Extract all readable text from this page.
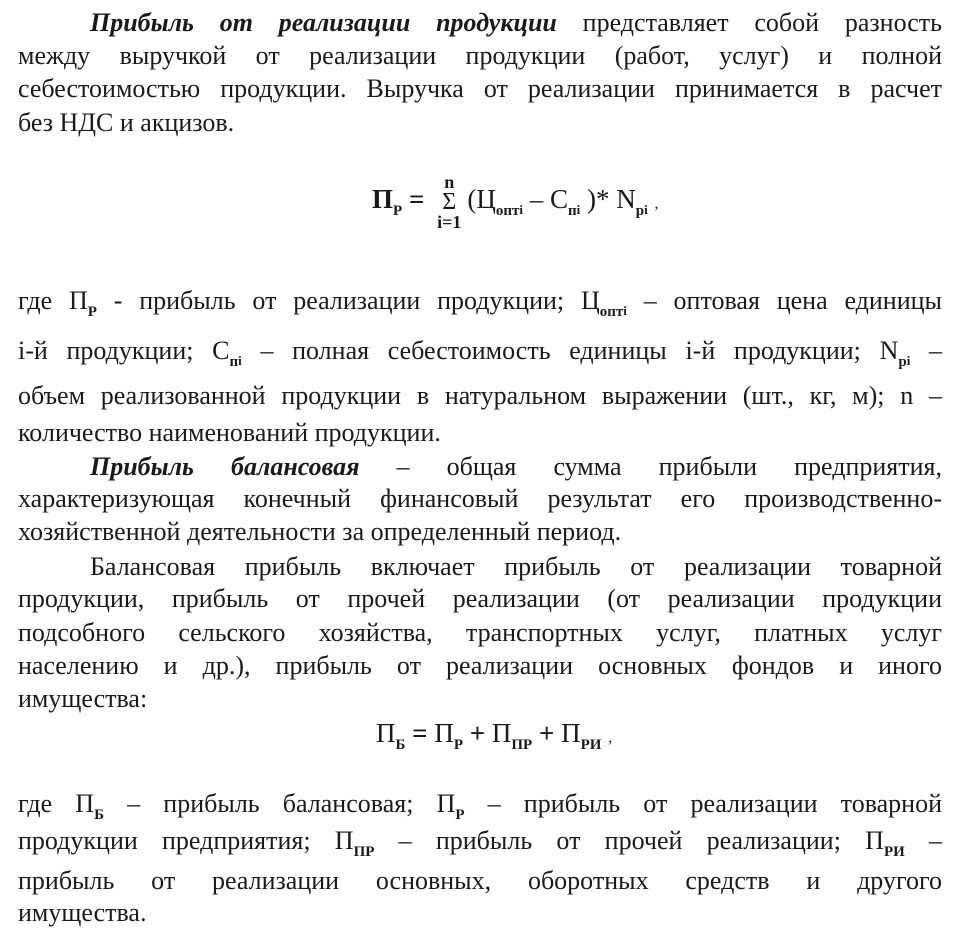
Прибыль от реализации продукции представляет собой разность
между выручкой от реализации продукции (работ, услуг) и полной
себестоимостью продукции. Выручка от реализации принимается в расчет
без НДС и акцизов.
где $П_Р$ - прибыль от реализации продукции; $Ц_{оптi}$ – оптовая цена единицы
i-й продукции; $С_{пi}$ – полная себестоимость единицы i-й продукции; $N_{pi}$ –
объем реализованной продукции в натуральном выражении (шт., кг, м); n –
количество наименований продукции.
Прибыль балансовая – общая сумма прибыли предприятия,
характеризующая конечный финансовый результат его производственно-
хозяйственной деятельности за определенный период.
Балансовая прибыль включает прибыль от реализации товарной
продукции, прибыль от прочей реализации (от реализации продукции
подсобного сельского хозяйства, транспортных услуг, платных услуг
населению и др.), прибыль от реализации основных фондов и иного
имущества:
где $П_Б$ – прибыль балансовая; $П_Р$ – прибыль от реализации товарной
продукции предприятия; $П_{ПР}$ – прибыль от прочей реализации; $П_{РИ}$ –
прибыль от реализации основных, оборотных средств и другого
имущества.
$П_Р$ =
n
Σ
i=1
($Ц_{оптi} - С_{пi}$ )* $N_{pi}$ ,
$П_Б = П_Р + П_{ПР} + П_{РИ}$ ,
